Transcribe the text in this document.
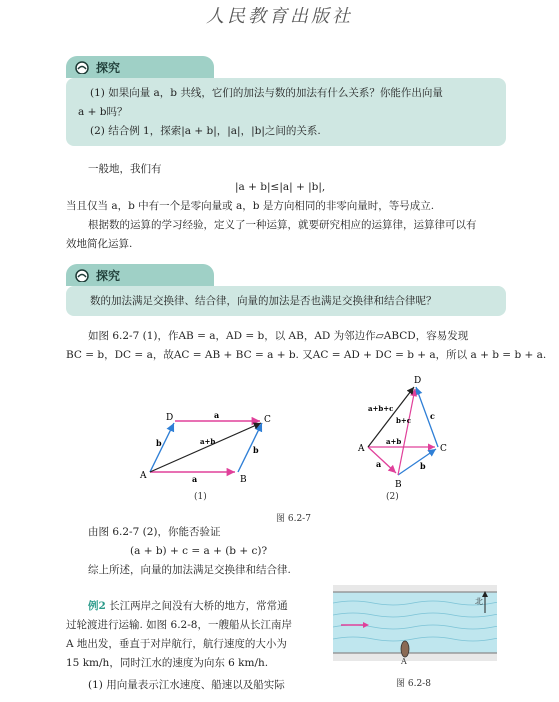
人民教育出版社
探究
(1) 如果向量 a，b 共线，它们的加法与数的加法有什么关系？你能作出向量
a + b吗？
(2) 结合例 1，探索|a + b|，|a|，|b|之间的关系.
一般地，我们有
|a + b|≤|a| + |b|,
当且仅当 a，b 中有一个是零向量或 a，b 是方向相同的非零向量时，等号成立.
根据数的运算的学习经验，定义了一种运算，就要研究相应的运算律，运算律可以有
效地简化运算.
探究
数的加法满足交换律、结合律，向量的加法是否也满足交换律和结合律呢？
如图 6.2-7 (1)，作AB = a，AD = b，以 AB，AD 为邻边作▱ABCD，容易发现
BC = b，DC = a，故AC = AB + BC = a + b. 又AC = AD + DC = b + a，所以 a + b = b + a.
A	B
C
D	a
a
b
b
a+b
(1)
D
A	C
B
a+b+c
b+c
a+b
a	b
c
(2)
图 6.2-7
由图 6.2-7 (2)，你能否验证
(a + b) + c = a + (b + c)?
综上所述，向量的加法满足交换律和结合律.
例2 长江两岸之间没有大桥的地方，常常通
过轮渡进行运输. 如图 6.2-8，一艘船从长江南岸
A 地出发，垂直于对岸航行，航行速度的大小为
15 km/h，同时江水的速度为向东 6 km/h.
(1) 用向量表示江水速度、船速以及船实际
北
A
图 6.2-8
